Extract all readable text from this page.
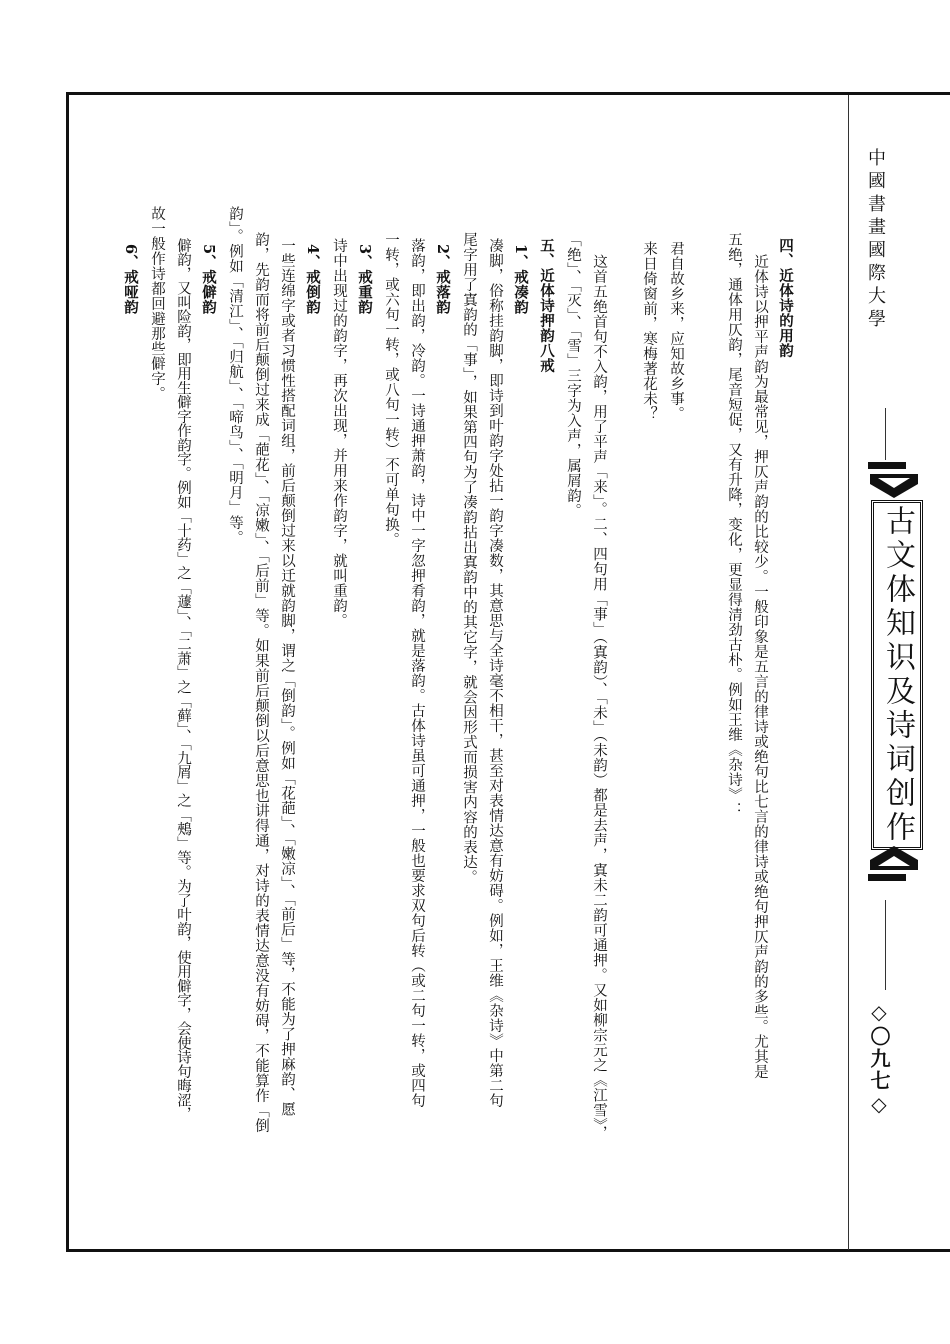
中國書畫國際大學
古文体知识及诗词创作
◇〇九七◇
四、近体诗的用韵
近体诗以押平声韵为最常见，押仄声韵的比较少。一般印象是五言的律诗或绝句比七言的律诗或绝句押仄声韵的多些。尤其是
五绝，通体用仄韵，尾音短促，又有升降，变化，更显得清劲古朴。例如王维《杂诗》：
君自故乡来，应知故乡事。
来日倚窗前，寒梅著花未？
这首五绝首句不入韵，用了平声「来」。二、四句用「事」（寘韵）、「未」（未韵）都是去声，寘未二韵可通押。又如柳宗元之《江雪》，
「绝」、「灭」、「雪」三字为入声，属屑韵。
五、近体诗押韵八戒
1、戒凑韵
凑脚，俗称挂韵脚，即诗到叶韵字处拈一韵字凑数，其意思与全诗毫不相干，甚至对表情达意有妨碍。例如，王维《杂诗》中第二句
尾字用了寘韵的「事」，如果第四句为了凑韵拈出寘韵中的其它字，就会因形式而损害内容的表达。
2、戒落韵
落韵，即出韵，冷韵。一诗通押萧韵，诗中一字忽押肴韵，就是落韵。古体诗虽可通押，一般也要求双句后转（或二句一转，或四句
一转，或六句一转，或八句一转）不可单句换。
3、戒重韵
诗中出现过的韵字，再次出现，并用来作韵字，就叫重韵。
4、戒倒韵
一些连绵字或者习惯性搭配词组，前后颠倒过来以迁就韵脚，谓之「倒韵」。例如「花葩」、「嫩凉」、「前后」等，不能为了押麻韵、愿
韵，先韵而将前后颠倒过来成「葩花」、「凉嫩」、「后前」等。如果前后颠倒以后意思也讲得通，对诗的表情达意没有妨碍，不能算作「倒
韵」。例如「清江」、「归航」、「啼鸟」、「明月」等。
5、戒僻韵
僻韵，又叫险韵，即用生僻字作韵字。例如「十药」之「蘧」、「二萧」之「藓」、「九屑」之「鵊」等。为了叶韵，使用僻字，会使诗句晦涩，
故一般作诗都回避那些僻字。
6、戒哑韵
